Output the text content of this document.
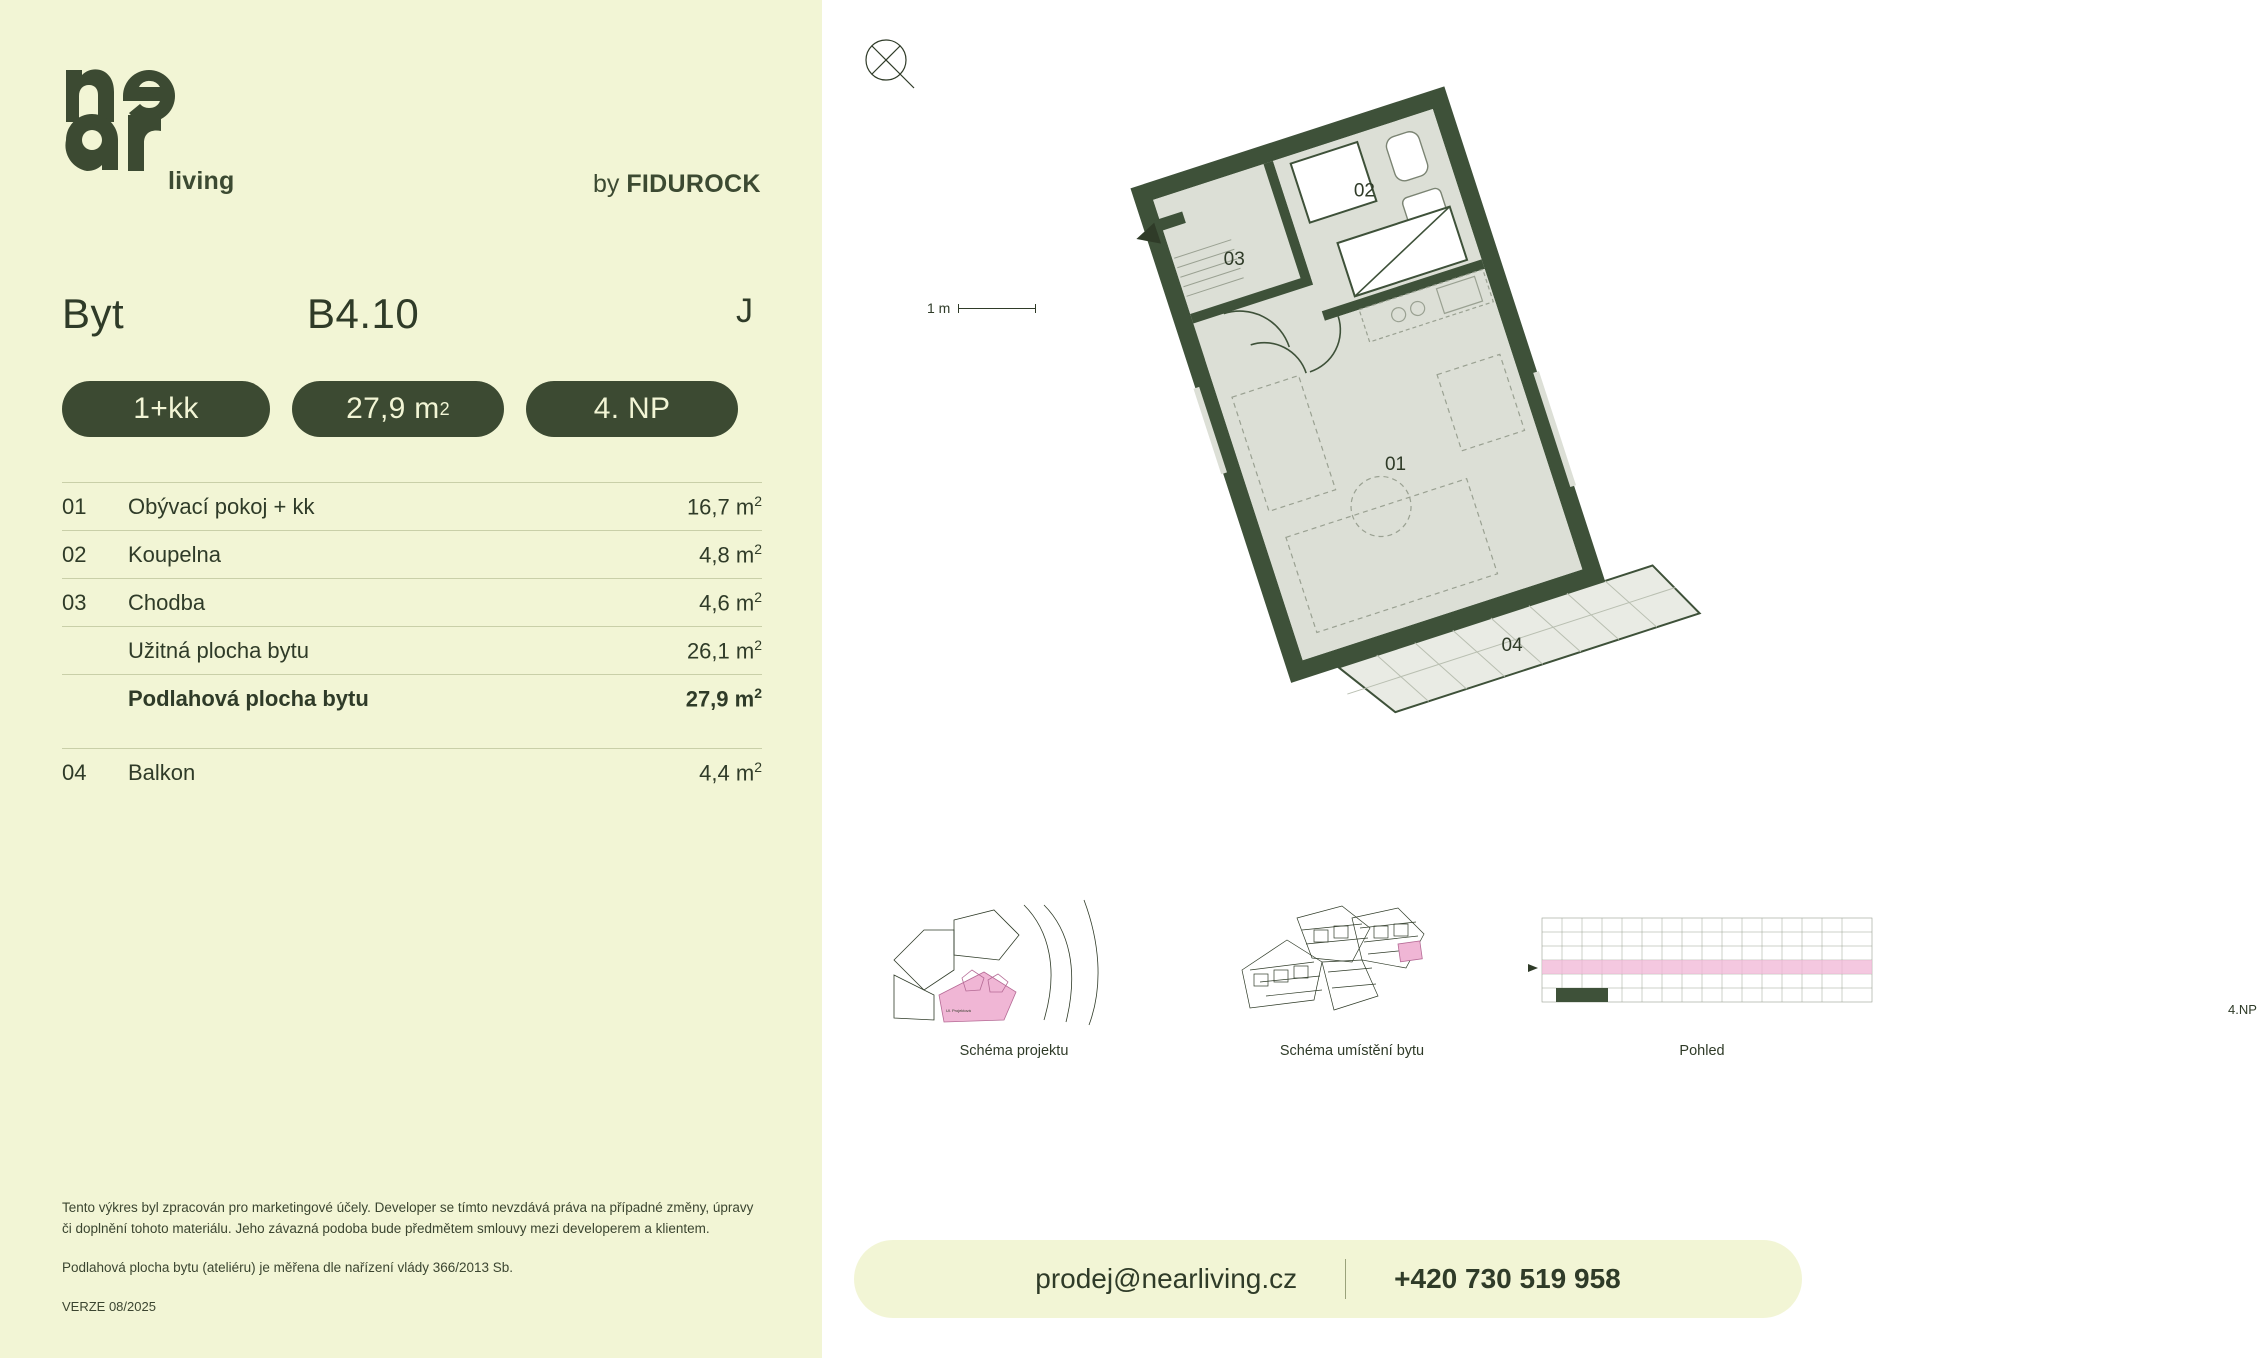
living	by FIDUROCK
Byt	B4.10	J
1+kk	27,9 m 2	4. NP
01	Obývací pokoj + kk	16,7 $m^2$
02	Koupelna	4,8 $m^2$
03	Chodba	4,6 $m^2$
Užitná plocha bytu	26,1 $m^2$
Podlahová plocha bytu	27,9 $m^2$
04	Balkon	4,4 $m^2$

Tento výkres byl zpracován pro marketingové účely. Developer se tímto nevzdává práva na případné změny, úpravy či doplnění tohoto materiálu. Jeho závazná podoba bude předmětem smlouvy mezi developerem a klientem.

Podlahová plocha bytu (ateliéru) je měřena dle nařízení vlády 366/2013 Sb.

VERZE 08/2025

1 m
01
02
03
04
Ul. Projektová
Schéma projektu	Schéma umístění bytu	Pohled
4.NP
prodej@nearliving.cz	+420 730 519 958
